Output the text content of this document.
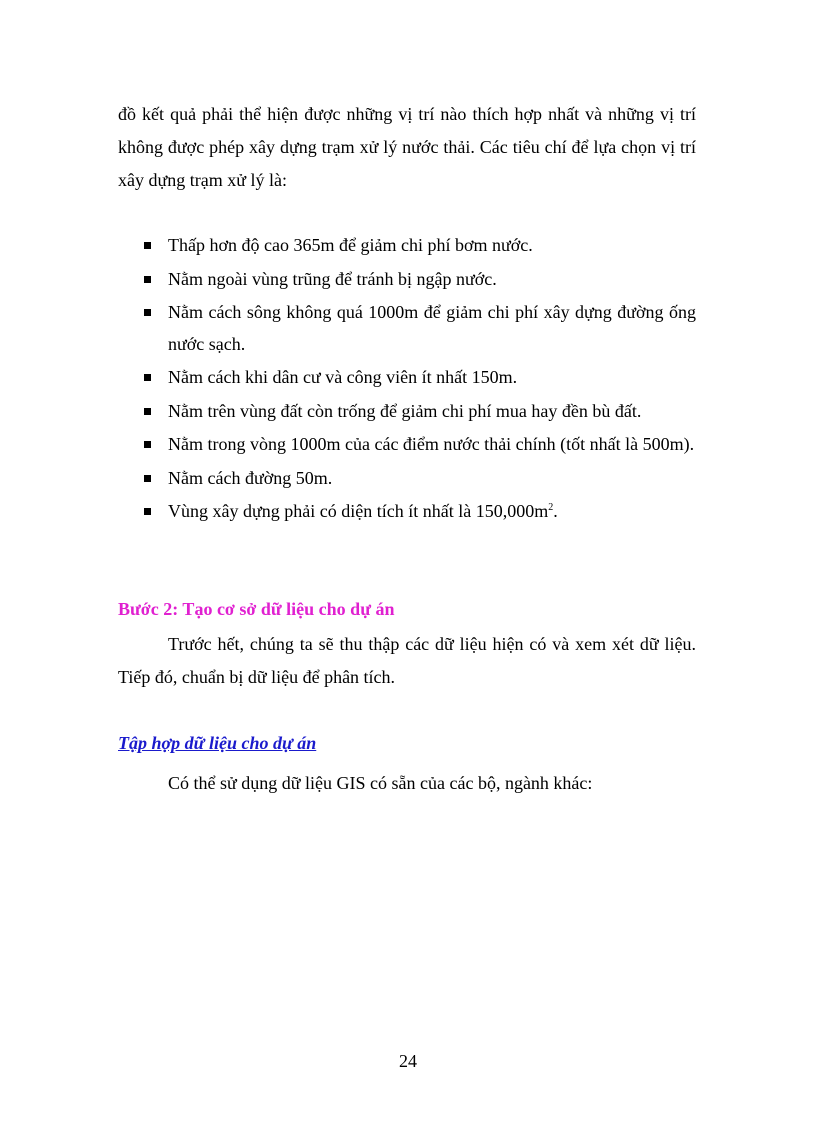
đồ kết quả phải thể hiện được những vị trí nào thích hợp nhất và những vị trí không được phép xây dựng trạm xử lý nước thải. Các tiêu chí để lựa chọn vị trí xây dựng trạm xử lý là:

Thấp hơn độ cao 365m để giảm chi phí bơm nước.
Nằm ngoài vùng trũng để tránh bị ngập nước.
Nằm cách sông không quá 1000m để giảm chi phí xây dựng đường ống nước sạch.
Nằm cách khi dân cư và công viên ít nhất 150m.
Nằm trên vùng đất còn trống để giảm chi phí mua hay đền bù đất.
Nằm trong vòng 1000m của các điểm nước thải chính (tốt nhất là 500m).
Nằm cách đường 50m.
Vùng xây dựng phải có diện tích ít nhất là $150,000m^2$.
Bước 2: Tạo cơ sở dữ liệu cho dự án

Trước hết, chúng ta sẽ thu thập các dữ liệu hiện có và xem xét dữ liệu. Tiếp đó, chuẩn bị dữ liệu để phân tích.

Tập hợp dữ liệu cho dự án

Có thể sử dụng dữ liệu GIS có sẵn của các bộ, ngành khác:

24
